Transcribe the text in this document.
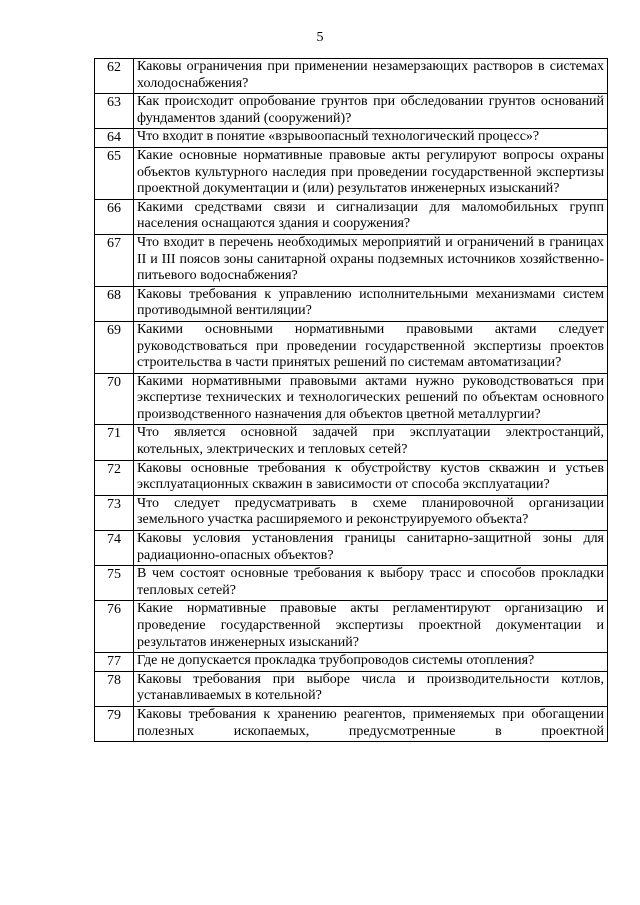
5
62	Каковы ограничения при применении незамерзающих растворов в системах холодоснабжения?
63	Как происходит опробование грунтов при обследовании грунтов оснований фундаментов зданий (сооружений)?
64	Что входит в понятие «взрывоопасный технологический процесс»?
65	Какие основные нормативные правовые акты регулируют вопросы охраны объектов культурного наследия при проведении государственной экспертизы проектной документации и (или) результатов инженерных изысканий?
66	Какими средствами связи и сигнализации для маломобильных групп населения оснащаются здания и сооружения?
67	Что входит в перечень необходимых мероприятий и ограничений в границах II и III поясов зоны санитарной охраны подземных источников хозяйственно-питьевого водоснабжения?
68	Каковы требования к управлению исполнительными механизмами систем противодымной вентиляции?
69	Какими основными нормативными правовыми актами следует руководствоваться при проведении государственной экспертизы проектов строительства в части принятых решений по системам автоматизации?
70	Какими нормативными правовыми актами нужно руководствоваться при экспертизе технических и технологических решений по объектам основного производственного назначения для объектов цветной металлургии?
71	Что является основной задачей при эксплуатации электростанций, котельных, электрических и тепловых сетей?
72	Каковы основные требования к обустройству кустов скважин и устьев эксплуатационных скважин в зависимости от способа эксплуатации?
73	Что следует предусматривать в схеме планировочной организации земельного участка расширяемого и реконструируемого объекта?
74	Каковы условия установления границы санитарно-защитной зоны для радиационно-опасных объектов?
75	В чем состоят основные требования к выбору трасс и способов прокладки тепловых сетей?
76	Какие нормативные правовые акты регламентируют организацию и проведение государственной экспертизы проектной документации и результатов инженерных изысканий?
77	Где не допускается прокладка трубопроводов системы отопления?
78	Каковы требования при выборе числа и производительности котлов, устанавливаемых в котельной?
79	Каковы требования к хранению реагентов, применяемых при обогащении полезных ископаемых, предусмотренные в проектной
